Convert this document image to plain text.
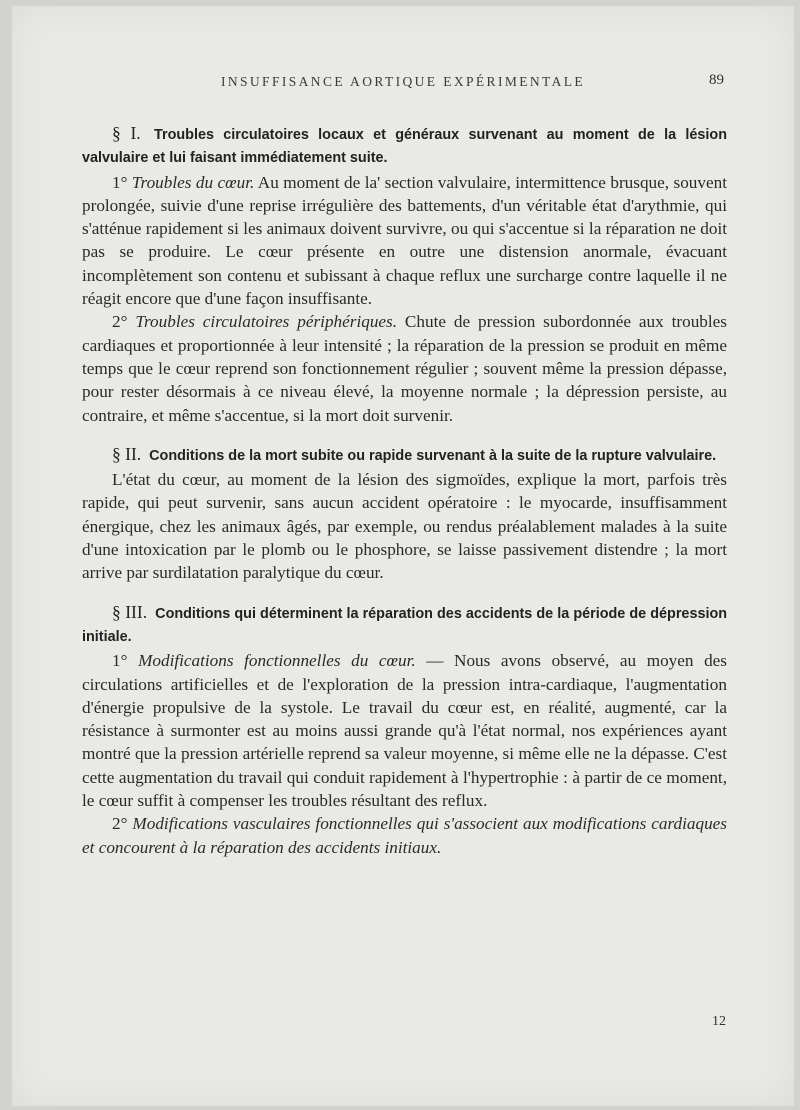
INSUFFISANCE AORTIQUE EXPÉRIMENTALE	89

§ I. Troubles circulatoires locaux et généraux survenant au moment de la lésion valvulaire et lui faisant immédiatement suite.

1° Troubles du cœur. Au moment de la' section valvulaire, intermittence brusque, souvent prolongée, suivie d'une reprise irrégulière des battements, d'un véritable état d'arythmie, qui s'atténue rapidement si les animaux doivent survivre, ou qui s'accentue si la réparation ne doit pas se produire. Le cœur présente en outre une distension anormale, évacuant incomplètement son contenu et subissant à chaque reflux une surcharge contre laquelle il ne réagit encore que d'une façon insuffisante.

2° Troubles circulatoires périphériques. Chute de pression subordonnée aux troubles cardiaques et proportionnée à leur intensité ; la réparation de la pression se produit en même temps que le cœur reprend son fonctionnement régulier ; souvent même la pression dépasse, pour rester désormais à ce niveau élevé, la moyenne normale ; la dépression persiste, au contraire, et même s'accentue, si la mort doit survenir.

§ II. Conditions de la mort subite ou rapide survenant à la suite de la rupture valvulaire.

L'état du cœur, au moment de la lésion des sigmoïdes, explique la mort, parfois très rapide, qui peut survenir, sans aucun accident opératoire : le myocarde, insuffisamment énergique, chez les animaux âgés, par exemple, ou rendus préalablement malades à la suite d'une intoxication par le plomb ou le phosphore, se laisse passivement distendre ; la mort arrive par surdilatation paralytique du cœur.

§ III. Conditions qui déterminent la réparation des accidents de la période de dépression initiale.

1° Modifications fonctionnelles du cœur. — Nous avons observé, au moyen des circulations artificielles et de l'exploration de la pression intra-cardiaque, l'augmentation d'énergie propulsive de la systole. Le travail du cœur est, en réalité, augmenté, car la résistance à surmonter est au moins aussi grande qu'à l'état normal, nos expériences ayant montré que la pression artérielle reprend sa valeur moyenne, si même elle ne la dépasse. C'est cette augmentation du travail qui conduit rapidement à l'hypertrophie : à partir de ce moment, le cœur suffit à compenser les troubles résultant des reflux.

2° Modifications vasculaires fonctionnelles qui s'associent aux modifications cardiaques et concourent à la réparation des accidents initiaux.

12
